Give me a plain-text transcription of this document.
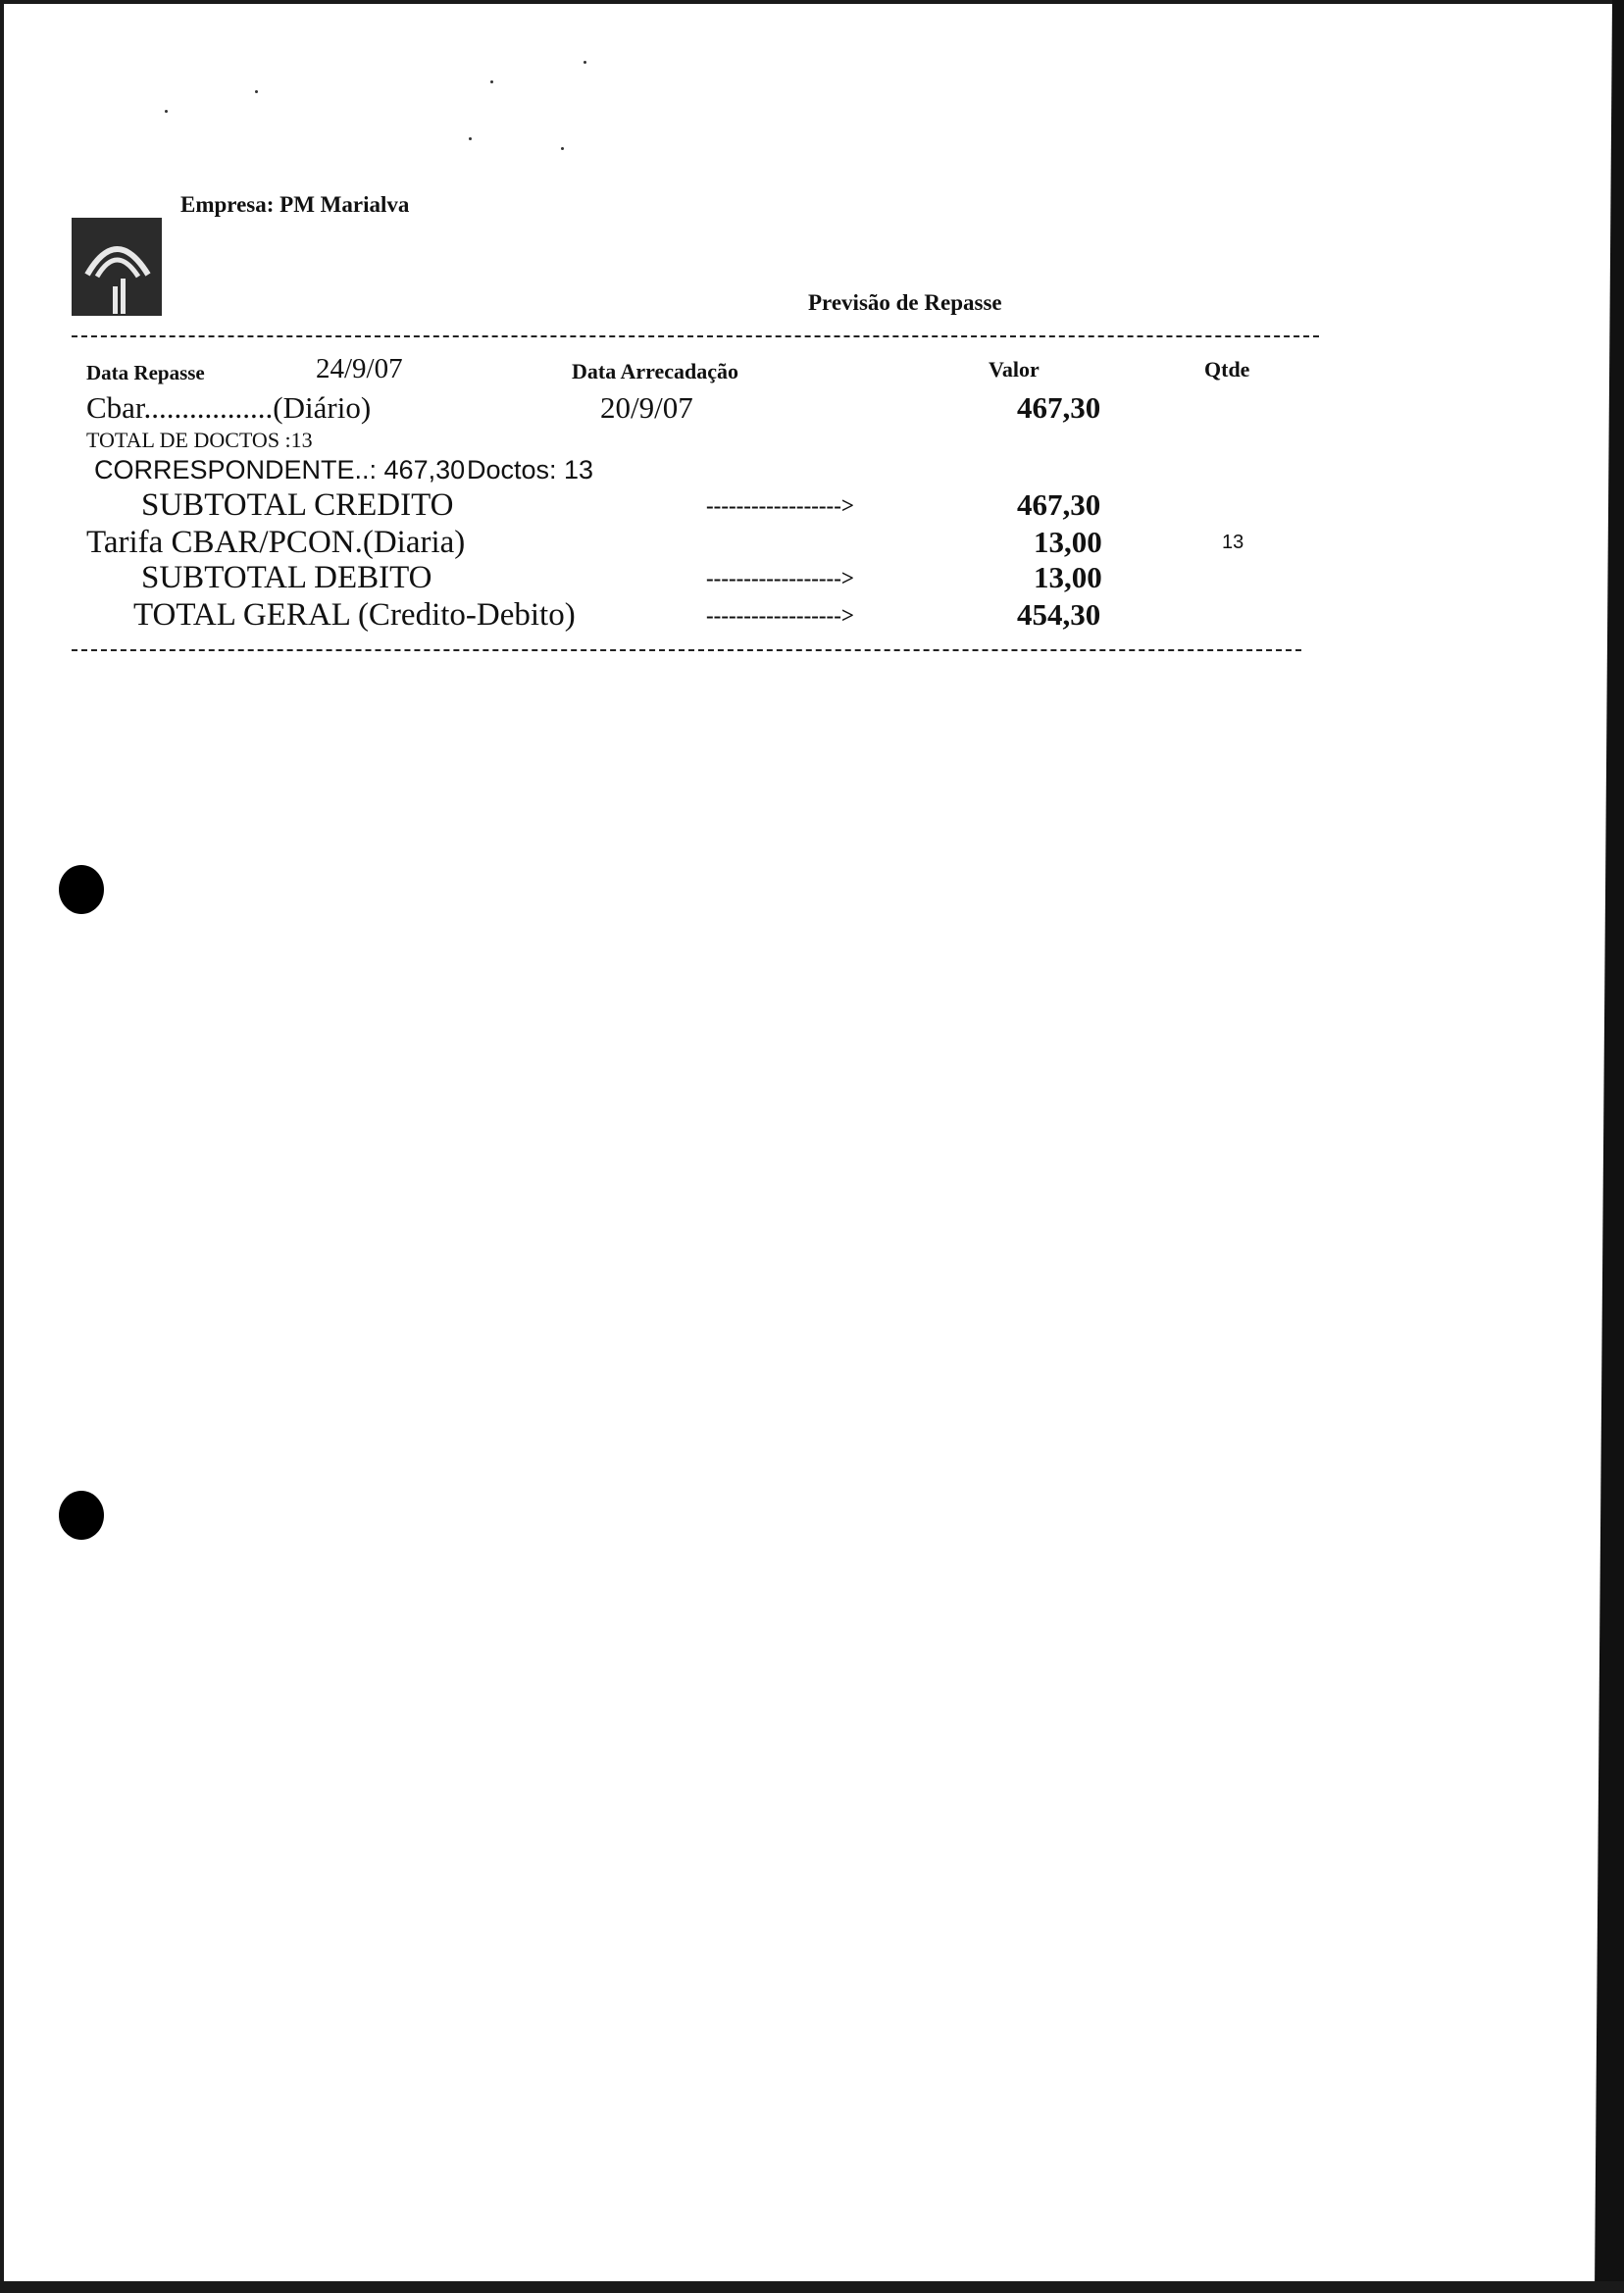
Empresa: PM Marialva
Previsão de Repasse
Data Repasse	24/9/07	Data Arrecadação	Valor	Qtde
Cbar.................(Diário)	20/9/07	467,30
TOTAL DE DOCTOS :13
CORRESPONDENTE..: 467,30 Doctos: 13
SUBTOTAL CREDITO	------------------>	467,30
Tarifa CBAR/PCON.(Diaria)	13,00	13
SUBTOTAL DEBITO	------------------>	13,00
TOTAL GERAL (Credito-Debito)	------------------>	454,30
